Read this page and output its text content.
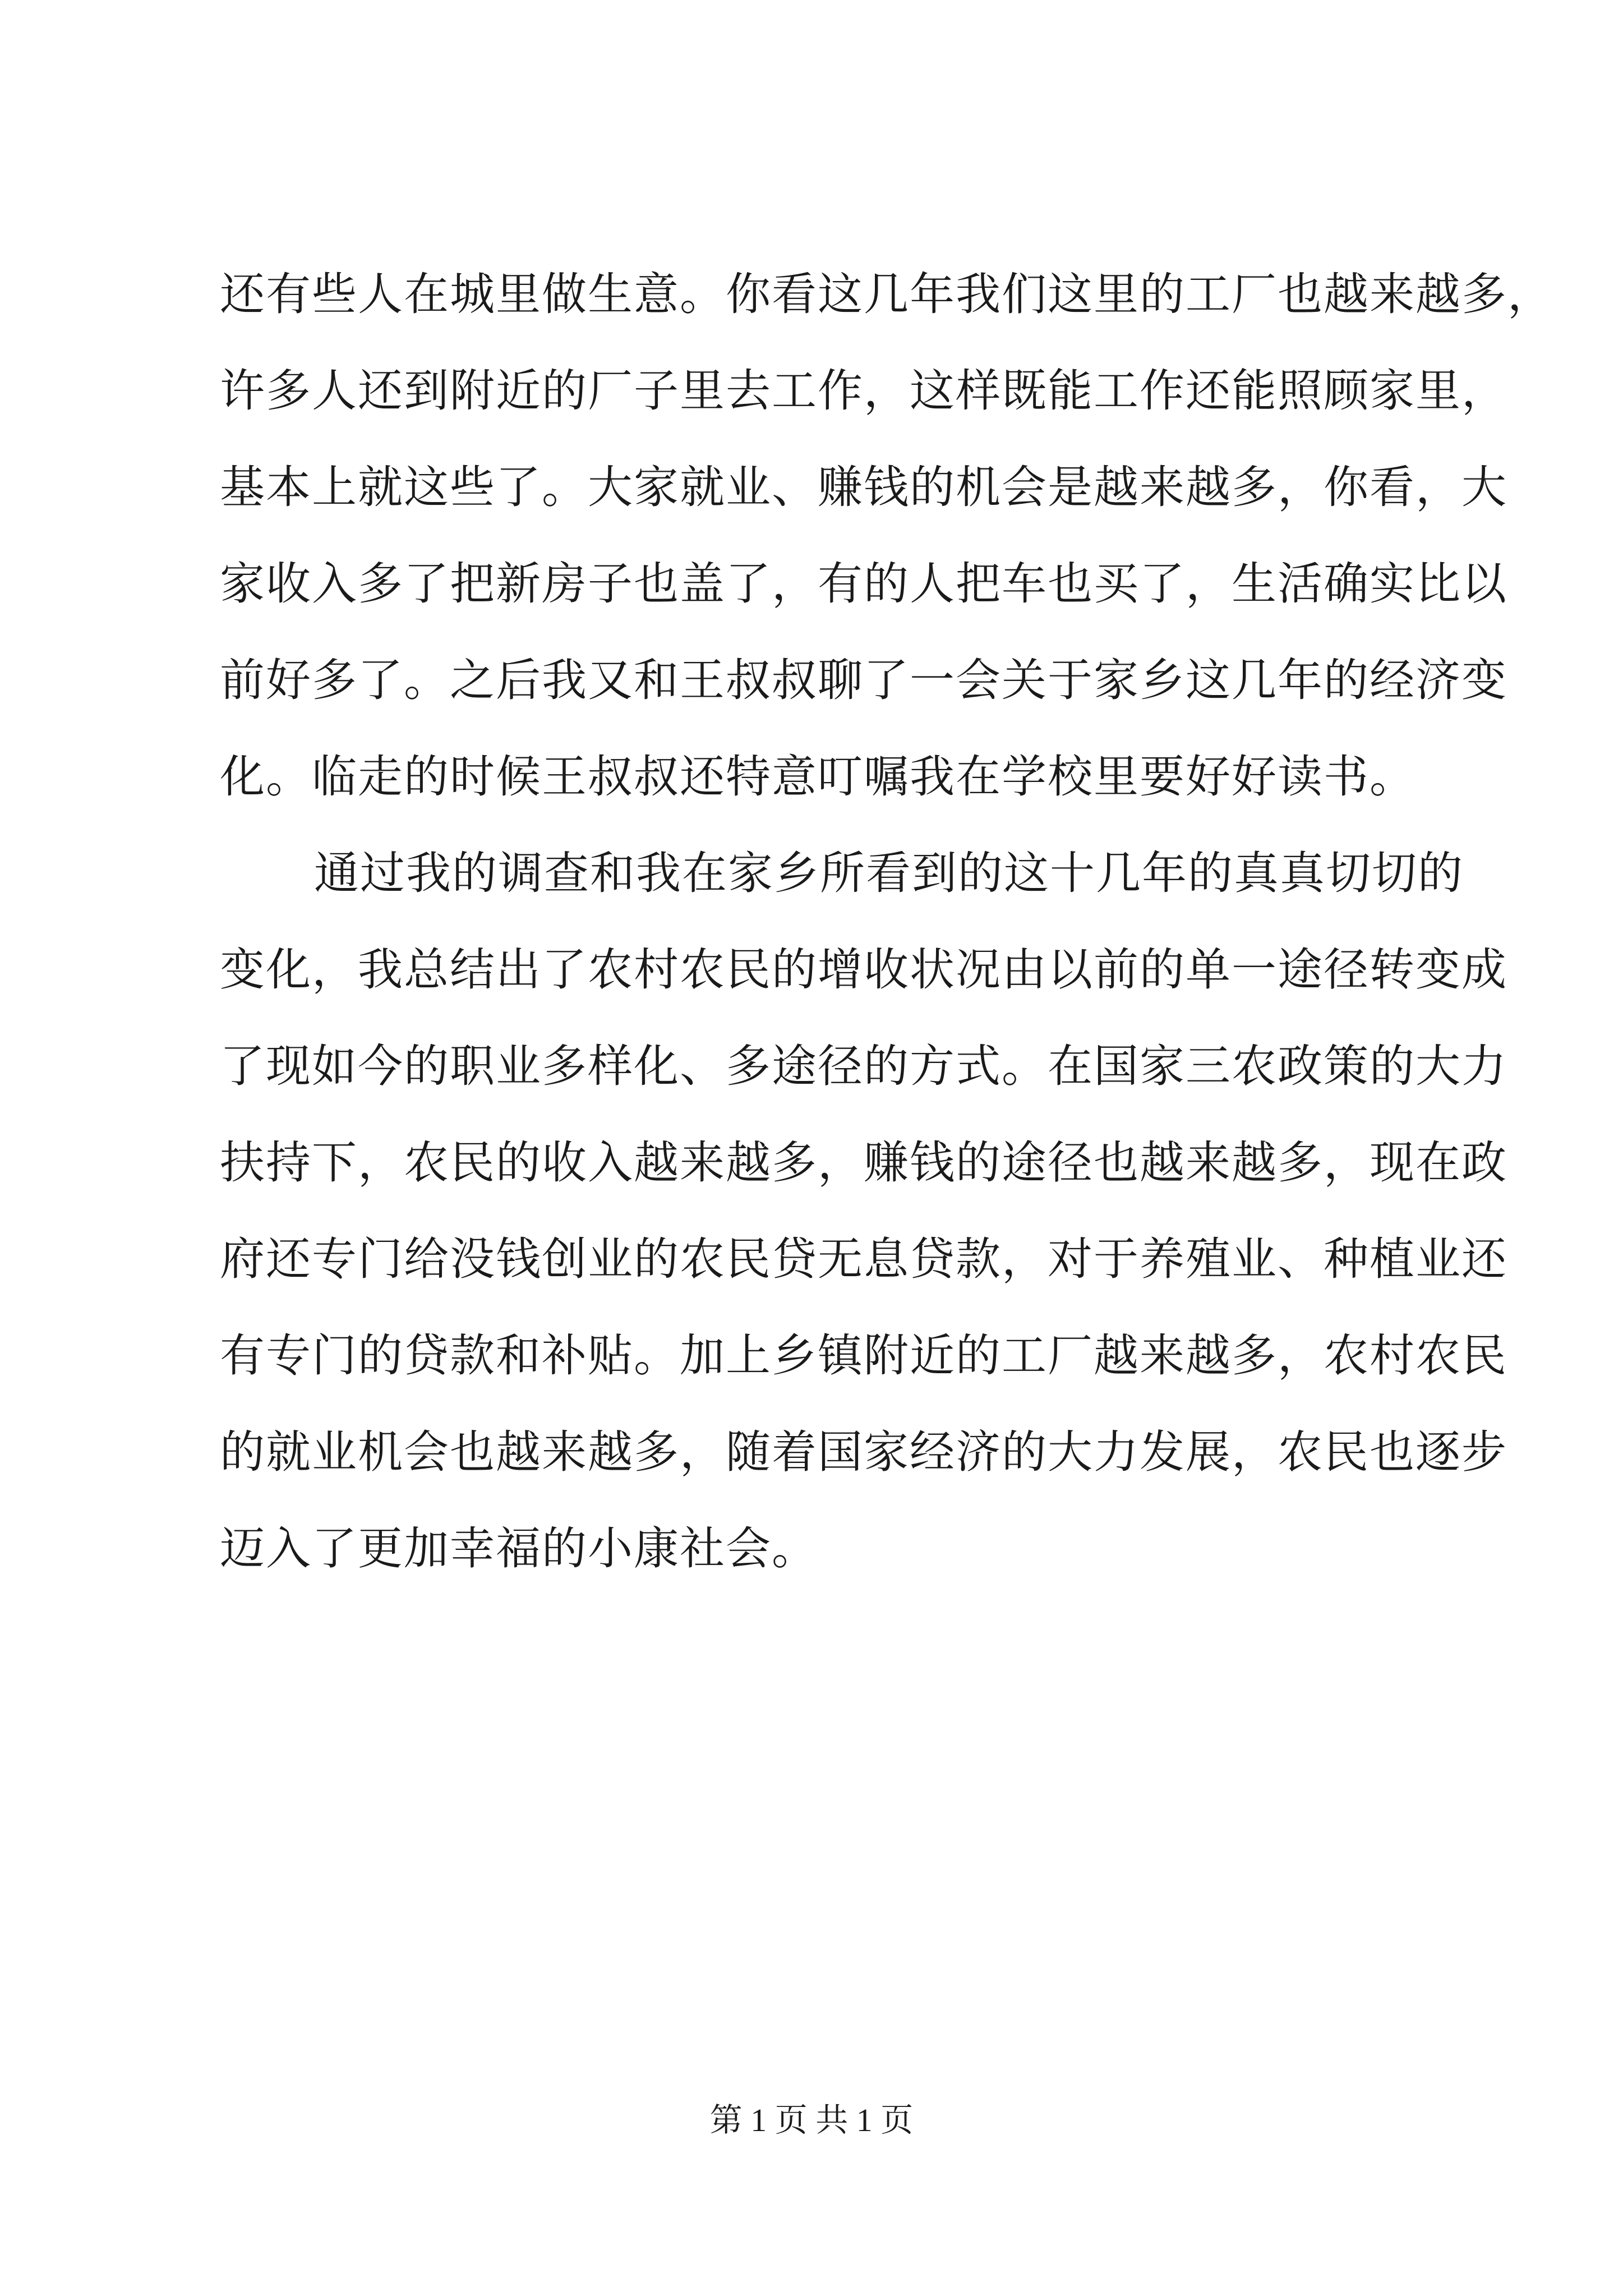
还有些人在城里做生意。你看这几年我们这里的工厂也越来越多，
许多人还到附近的厂子里去工作，这样既能工作还能照顾家里，
基本上就这些了。大家就业、赚钱的机会是越来越多，你看，大
家收入多了把新房子也盖了，有的人把车也买了，生活确实比以
前好多了。之后我又和王叔叔聊了一会关于家乡这几年的经济变
化。临走的时候王叔叔还特意叮嘱我在学校里要好好读书。
通过我的调查和我在家乡所看到的这十几年的真真切切的
变化，我总结出了农村农民的增收状况由以前的单一途径转变成
了现如今的职业多样化、多途径的方式。在国家三农政策的大力
扶持下，农民的收入越来越多，赚钱的途径也越来越多，现在政
府还专门给没钱创业的农民贷无息贷款，对于养殖业、种植业还
有专门的贷款和补贴。加上乡镇附近的工厂越来越多，农村农民
的就业机会也越来越多，随着国家经济的大力发展，农民也逐步
迈入了更加幸福的小康社会。
第 1 页 共 1 页
